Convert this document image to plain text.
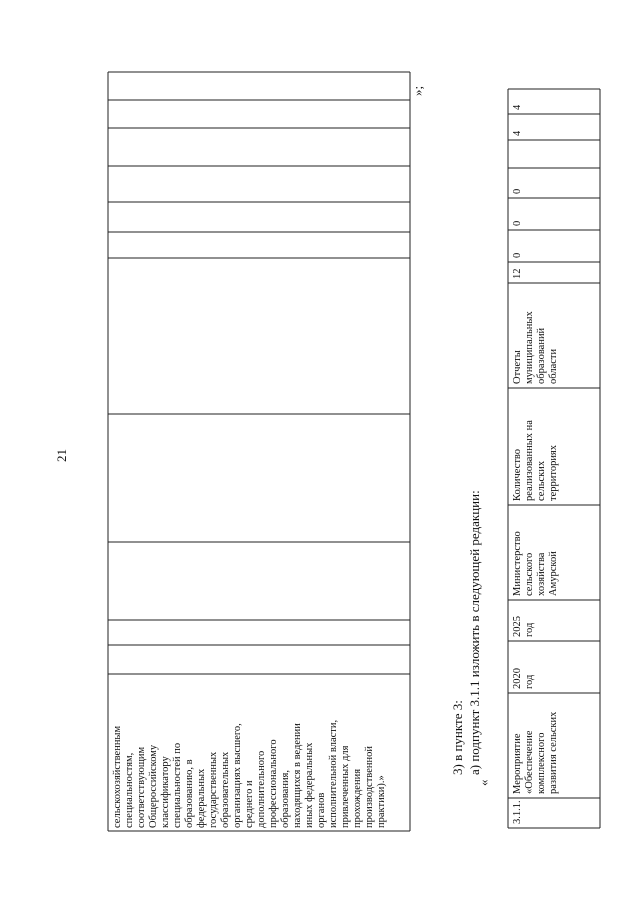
21
сельскохозяйственным специальностям, соответствующим Общероссийскому классификатору специальностей по образованию, в федеральных государственных образовательных организациях высшего, среднего и дополнительного профессионального образования, находящихся в ведении иных федеральных органов исполнительной власти, привлеченных для прохождения производственной практики).»
»;
3) в пункте 3: а) подпункт 3.1.1 изложить в следующей редакции:
«
3.1.1.
Мероприятие «Обеспечение комплексного развития сельских
2020 год
2025 год
Министерство сельского хозяйства Амурской
Количество реализованных на сельских территориях
Отчеты муниципальных образований области
12
0
0
0
4
4
